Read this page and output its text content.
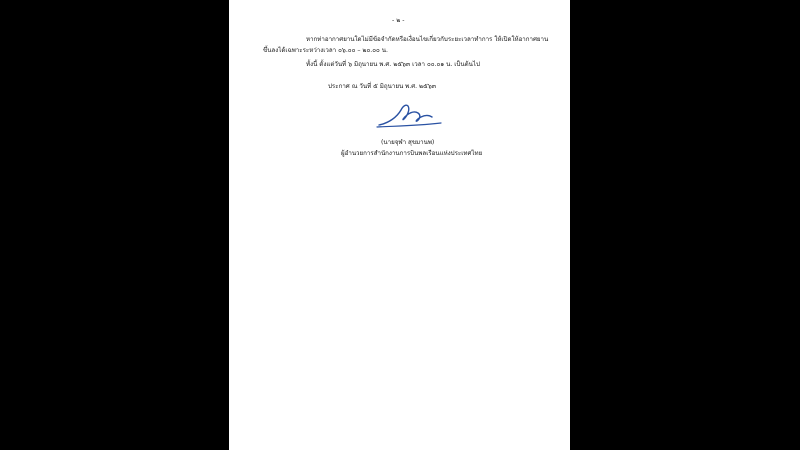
- ๒ -
หากท่าอากาศยานใดไม่มีข้อจำกัดหรือเงื่อนไขเกี่ยวกับระยะเวลาทำการ ให้เปิดให้อากาศยาน
ขึ้นลงได้เฉพาะระหว่างเวลา ๐๖.๐๐ – ๒๐.๐๐ น.
ทั้งนี้ ตั้งแต่วันที่ ๖ มิถุนายน พ.ศ. ๒๕๖๓ เวลา ๐๐.๐๑ น. เป็นต้นไป
ประกาศ ณ วันที่ ๕ มิถุนายน พ.ศ. ๒๕๖๓
(นายจุฬา สุขมานพ)
ผู้อำนวยการสำนักงานการบินพลเรือนแห่งประเทศไทย
